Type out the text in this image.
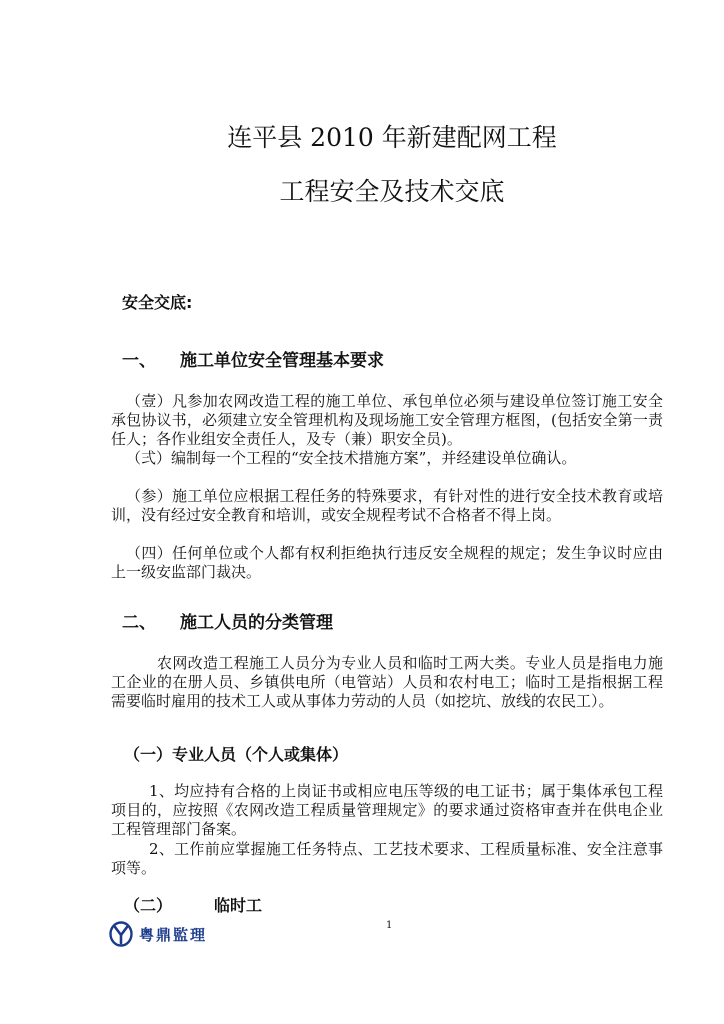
连平县 2010 年新建配网工程
工程安全及技术交底
安全交底:
一、 施工单位安全管理基本要求

（壹）凡参加农网改造工程的施工单位、承包单位必须与建设单位签订施工安全承包协议书，必须建立安全管理机构及现场施工安全管理方框图，(包括安全第一责任人；各作业组安全责任人，及专（兼）职安全员)。

（弍）编制每一个工程的“安全技术措施方案”，并经建设单位确认。

（参）施工单位应根据工程任务的特殊要求，有针对性的进行安全技术教育或培训，没有经过安全教育和培训，或安全规程考试不合格者不得上岗。

（四）任何单位或个人都有权利拒绝执行违反安全规程的规定；发生争议时应由上一级安监部门裁决。

二、 施工人员的分类管理

农网改造工程施工人员分为专业人员和临时工两大类。专业人员是指电力施工企业的在册人员、乡镇供电所（电管站）人员和农村电工；临时工是指根据工程需要临时雇用的技术工人或从事体力劳动的人员（如挖坑、放线的农民工）。

（一）专业人员（个人或集体）

1、均应持有合格的上岗证书或相应电压等级的电工证书；属于集体承包工程项目的，应按照《农网改造工程质量管理规定》的要求通过资格审查并在供电企业工程管理部门备案。

2、工作前应掌握施工任务特点、工艺技术要求、工程质量标准、安全注意事项等。

（二）	临时工
1
粤鼎監理
